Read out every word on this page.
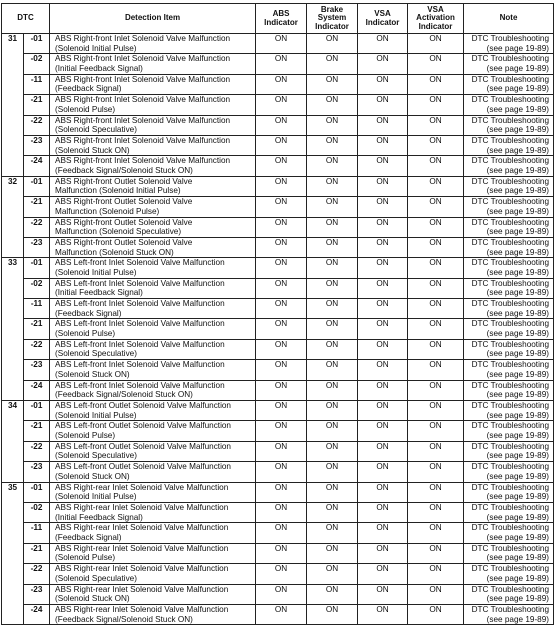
DTC		Detection Item	ABS Indicator	Brake System Indicator	VSA Indicator	VSA Activation Indicator	Note
31	-01	ABS Right-front Inlet Solenoid Valve Malfunction
(Solenoid Initial Pulse)	ON	ON	ON	ON	DTC Troubleshooting
(see page 19-89)

	-02	ABS Right-front Inlet Solenoid Valve Malfunction
(Initial Feedback Signal)	ON	ON	ON	ON	DTC Troubleshooting
(see page 19-89)

	-11	ABS Right-front Inlet Solenoid Valve Malfunction
(Feedback Signal)	ON	ON	ON	ON	DTC Troubleshooting
(see page 19-89)

	-21	ABS Right-front Inlet Solenoid Valve Malfunction
(Solenoid Pulse)	ON	ON	ON	ON	DTC Troubleshooting
(see page 19-89)

	-22	ABS Right-front Inlet Solenoid Valve Malfunction
(Solenoid Speculative)	ON	ON	ON	ON	DTC Troubleshooting
(see page 19-89)

	-23	ABS Right-front Inlet Solenoid Valve Malfunction
(Solenoid Stuck ON)	ON	ON	ON	ON	DTC Troubleshooting
(see page 19-89)

	-24	ABS Right-front Inlet Solenoid Valve Malfunction
(Feedback Signal/Solenoid Stuck ON)	ON	ON	ON	ON	DTC Troubleshooting
(see page 19-89)

32	-01	ABS Right-front Outlet Solenoid Valve
Malfunction (Solenoid Initial Pulse)	ON	ON	ON	ON	DTC Troubleshooting
(see page 19-89)

	-21	ABS Right-front Outlet Solenoid Valve
Malfunction (Solenoid Pulse)	ON	ON	ON	ON	DTC Troubleshooting
(see page 19-89)

	-22	ABS Right-front Outlet Solenoid Valve
Malfunction (Solenoid Speculative)	ON	ON	ON	ON	DTC Troubleshooting
(see page 19-89)

	-23	ABS Right-front Outlet Solenoid Valve
Malfunction (Solenoid Stuck ON)	ON	ON	ON	ON	DTC Troubleshooting
(see page 19-89)

33	-01	ABS Left-front Inlet Solenoid Valve Malfunction
(Solenoid Initial Pulse)	ON	ON	ON	ON	DTC Troubleshooting
(see page 19-89)

	-02	ABS Left-front Inlet Solenoid Valve Malfunction
(Initial Feedback Signal)	ON	ON	ON	ON	DTC Troubleshooting
(see page 19-89)

	-11	ABS Left-front Inlet Solenoid Valve Malfunction
(Feedback Signal)	ON	ON	ON	ON	DTC Troubleshooting
(see page 19-89)

	-21	ABS Left-front Inlet Solenoid Valve Malfunction
(Solenoid Pulse)	ON	ON	ON	ON	DTC Troubleshooting
(see page 19-89)

	-22	ABS Left-front Inlet Solenoid Valve Malfunction
(Solenoid Speculative)	ON	ON	ON	ON	DTC Troubleshooting
(see page 19-89)

	-23	ABS Left-front Inlet Solenoid Valve Malfunction
(Solenoid Stuck ON)	ON	ON	ON	ON	DTC Troubleshooting
(see page 19-89)

	-24	ABS Left-front Inlet Solenoid Valve Malfunction
(Feedback Signal/Solenoid Stuck ON)	ON	ON	ON	ON	DTC Troubleshooting
(see page 19-89)

34	-01	ABS Left-front Outlet Solenoid Valve Malfunction
(Solenoid Initial Pulse)	ON	ON	ON	ON	DTC Troubleshooting
(see page 19-89)

	-21	ABS Left-front Outlet Solenoid Valve Malfunction
(Solenoid Pulse)	ON	ON	ON	ON	DTC Troubleshooting
(see page 19-89)

	-22	ABS Left-front Outlet Solenoid Valve Malfunction
(Solenoid Speculative)	ON	ON	ON	ON	DTC Troubleshooting
(see page 19-89)

	-23	ABS Left-front Outlet Solenoid Valve Malfunction
(Solenoid Stuck ON)	ON	ON	ON	ON	DTC Troubleshooting
(see page 19-89)

35	-01	ABS Right-rear Inlet Solenoid Valve Malfunction
(Solenoid Initial Pulse)	ON	ON	ON	ON	DTC Troubleshooting
(see page 19-89)

	-02	ABS Right-rear Inlet Solenoid Valve Malfunction
(Initial Feedback Signal)	ON	ON	ON	ON	DTC Troubleshooting
(see page 19-89)

	-11	ABS Right-rear Inlet Solenoid Valve Malfunction
(Feedback Signal)	ON	ON	ON	ON	DTC Troubleshooting
(see page 19-89)

	-21	ABS Right-rear Inlet Solenoid Valve Malfunction
(Solenoid Pulse)	ON	ON	ON	ON	DTC Troubleshooting
(see page 19-89)

	-22	ABS Right-rear Inlet Solenoid Valve Malfunction
(Solenoid Speculative)	ON	ON	ON	ON	DTC Troubleshooting
(see page 19-89)

	-23	ABS Right-rear Inlet Solenoid Valve Malfunction
(Solenoid Stuck ON)	ON	ON	ON	ON	DTC Troubleshooting
(see page 19-89)

	-24	ABS Right-rear Inlet Solenoid Valve Malfunction
(Feedback Signal/Solenoid Stuck ON)	ON	ON	ON	ON	DTC Troubleshooting
(see page 19-89)
